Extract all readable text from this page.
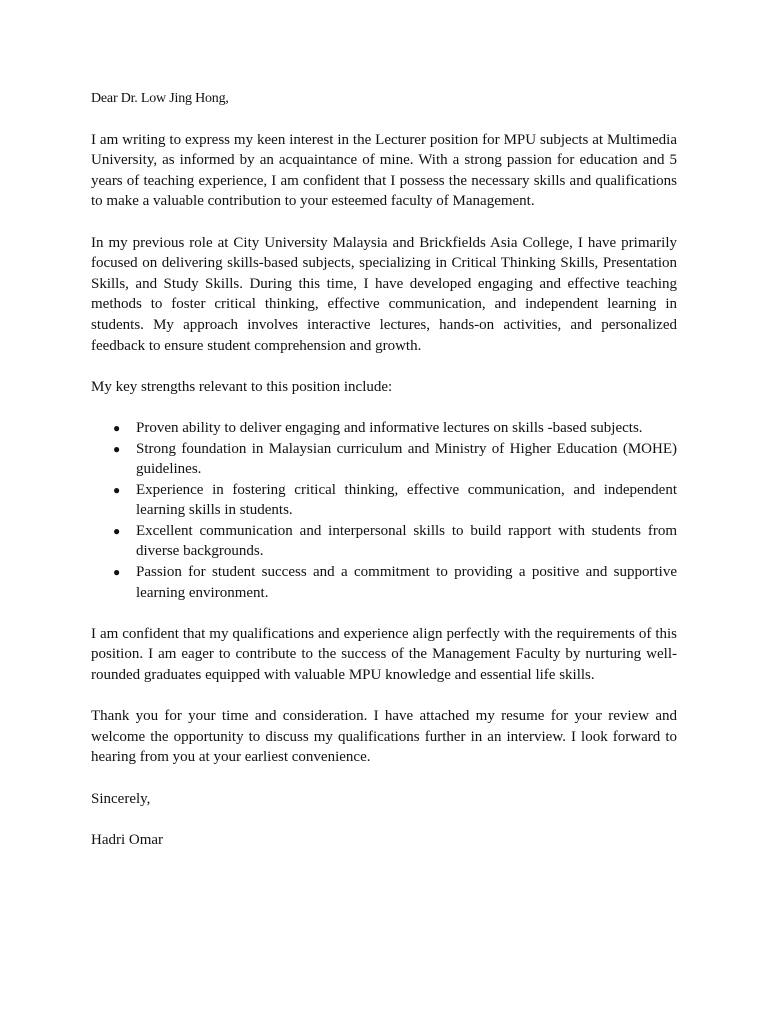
Dear Dr. Low Jing Hong,

I am writing to express my keen interest in the Lecturer position for MPU subjects at Multimedia University, as informed by an acquaintance of mine. With a strong passion for education and 5 years of teaching experience, I am confident that I possess the necessary skills and qualifications to make a valuable contribution to your esteemed faculty of Management.

In my previous role at City University Malaysia and Brickfields Asia College, I have primarily focused on delivering skills-based subjects, specializing in Critical Thinking Skills, Presentation Skills, and Study Skills. During this time, I have developed engaging and effective teaching methods to foster critical thinking, effective communication, and independent learning in students. My approach involves interactive lectures, hands-on activities, and personalized feedback to ensure student comprehension and growth.

My key strengths relevant to this position include:

● Proven ability to deliver engaging and informative lectures on skills -based subjects.
● Strong foundation in Malaysian curriculum and Ministry of Higher Education (MOHE) guidelines.
● Experience in fostering critical thinking, effective communication, and independent learning skills in students.
● Excellent communication and interpersonal skills to build rapport with students from diverse backgrounds.
● Passion for student success and a commitment to providing a positive and supportive learning environment.

I am confident that my qualifications and experience align perfectly with the requirements of this position. I am eager to contribute to the success of the Management Faculty by nurturing well-rounded graduates equipped with valuable MPU knowledge and essential life skills.

Thank you for your time and consideration. I have attached my resume for your review and welcome the opportunity to discuss my qualifications further in an interview. I look forward to hearing from you at your earliest convenience.

Sincerely,

Hadri Omar
